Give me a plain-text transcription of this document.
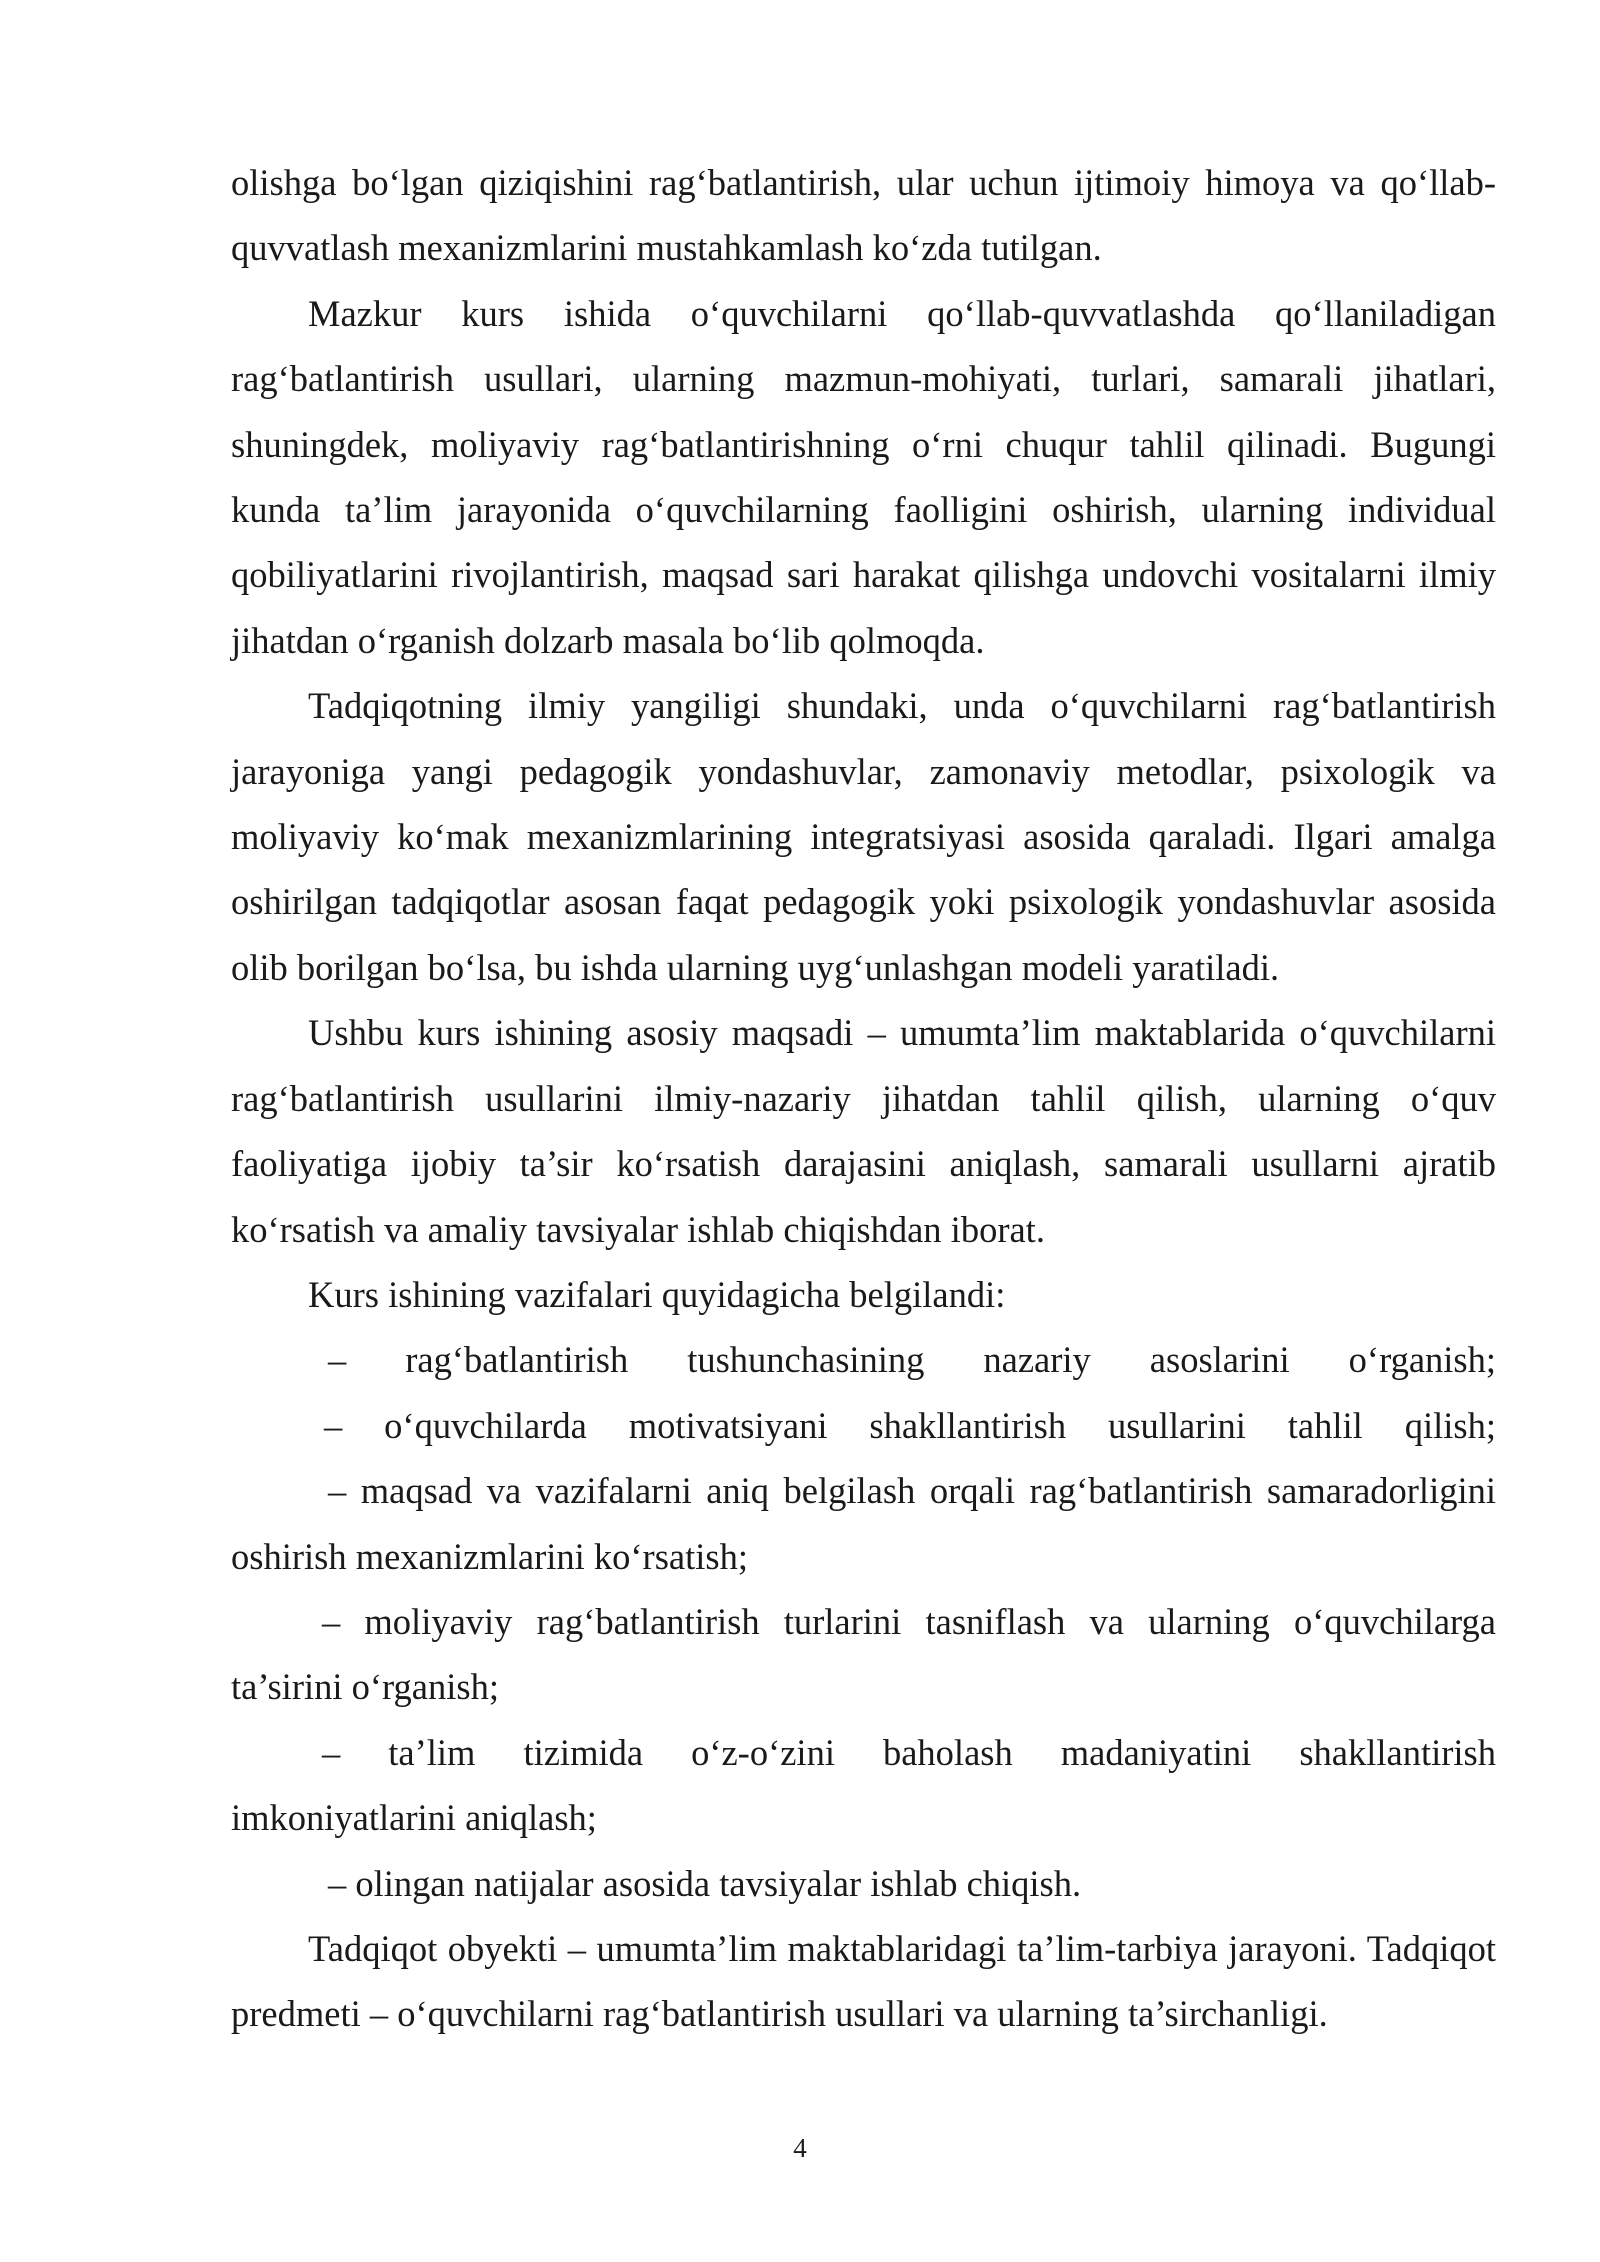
olishga bo‘lgan qiziqishini rag‘batlantirish, ular uchun ijtimoiy himoya va qo‘llab-quvvatlash mexanizmlarini mustahkamlash ko‘zda tutilgan.

Mazkur kurs ishida o‘quvchilarni qo‘llab-quvvatlashda qo‘llaniladigan rag‘batlantirish usullari, ularning mazmun-mohiyati, turlari, samarali jihatlari, shuningdek, moliyaviy rag‘batlantirishning o‘rni chuqur tahlil qilinadi. Bugungi kunda ta’lim jarayonida o‘quvchilarning faolligini oshirish, ularning individual qobiliyatlarini rivojlantirish, maqsad sari harakat qilishga undovchi vositalarni ilmiy jihatdan o‘rganish dolzarb masala bo‘lib qolmoqda.

Tadqiqotning ilmiy yangiligi shundaki, unda o‘quvchilarni rag‘batlantirish jarayoniga yangi pedagogik yondashuvlar, zamonaviy metodlar, psixologik va moliyaviy ko‘mak mexanizmlarining integratsiyasi asosida qaraladi. Ilgari amalga oshirilgan tadqiqotlar asosan faqat pedagogik yoki psixologik yondashuvlar asosida olib borilgan bo‘lsa, bu ishda ularning uyg‘unlashgan modeli yaratiladi.

Ushbu kurs ishining asosiy maqsadi – umumta’lim maktablarida o‘quvchilarni rag‘batlantirish usullarini ilmiy-nazariy jihatdan tahlil qilish, ularning o‘quv faoliyatiga ijobiy ta’sir ko‘rsatish darajasini aniqlash, samarali usullarni ajratib ko‘rsatish va amaliy tavsiyalar ishlab chiqishdan iborat.

Kurs ishining vazifalari quyidagicha belgilandi:

– rag‘batlantirish tushunchasining nazariy asoslarini o‘rganish;

– o‘quvchilarda motivatsiyani shakllantirish usullarini tahlil qilish;

– maqsad va vazifalarni aniq belgilash orqali rag‘batlantirish samaradorligini oshirish mexanizmlarini ko‘rsatish;

– moliyaviy rag‘batlantirish turlarini tasniflash va ularning o‘quvchilarga ta’sirini o‘rganish;

– ta’lim tizimida o‘z-o‘zini baholash madaniyatini shakllantirish imkoniyatlarini aniqlash;

– olingan natijalar asosida tavsiyalar ishlab chiqish.

Tadqiqot obyekti – umumta’lim maktablaridagi ta’lim-tarbiya jarayoni. Tadqiqot predmeti – o‘quvchilarni rag‘batlantirish usullari va ularning ta’sirchanligi.

4
